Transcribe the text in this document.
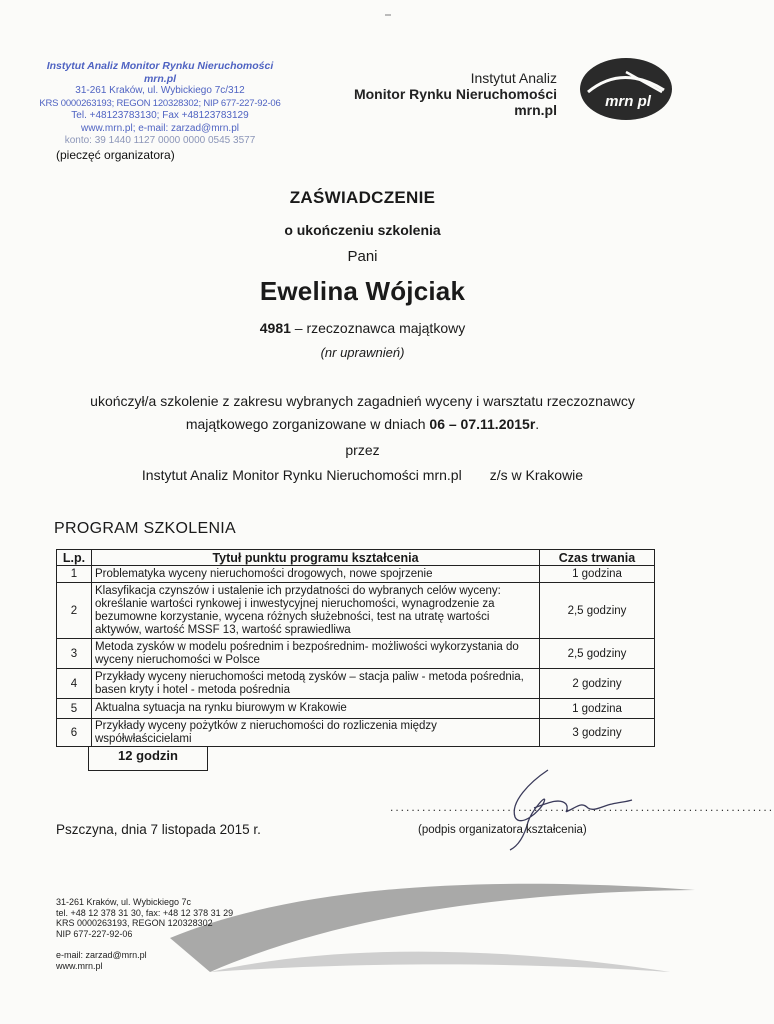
Instytut Analiz Monitor Rynku Nieruchomości mrn.pl
31-261 Kraków, ul. Wybickiego 7c/312
KRS 0000263193; REGON 120328302; NIP 677-227-92-06
Tel. +48123783130; Fax +48123783129
www.mrn.pl; e-mail: zarzad@mrn.pl
konto: 39 1440 1127 0000 0000 0545 3577
(pieczęć organizatora)
Instytut Analiz
Monitor Rynku Nieruchomości
mrn.pl	mrn pl
ZAŚWIADCZENIE
o ukończeniu szkolenia
Pani
Ewelina Wójciak
4981 – rzeczoznawca majątkowy
(nr uprawnień)
ukończył/a szkolenie z zakresu wybranych zagadnień wyceny i warsztatu rzeczoznawcy
majątkowego zorganizowane w dniach 06 – 07.11.2015r.
przez
Instytut Analiz Monitor Rynku Nieruchomości mrn.pl z/s w Krakowie
PROGRAM SZKOLENIA
L.p.	Tytuł punktu programu kształcenia	Czas trwania
1	Problematyka wyceny nieruchomości drogowych, nowe spojrzenie	1 godzina
2	Klasyfikacja czynszów i ustalenie ich przydatności do wybranych celów wyceny: określanie wartości rynkowej i inwestycyjnej nieruchomości, wynagrodzenie za bezumowne korzystanie, wycena różnych służebności, test na utratę wartości aktywów, wartość MSSF 13, wartość sprawiedliwa	2,5 godziny
3	Metoda zysków w modelu pośrednim i bezpośrednim- możliwości wykorzystania do wyceny nieruchomości w Polsce	2,5 godziny
4	Przykłady wyceny nieruchomości metodą zysków – stacja paliw - metoda pośrednia, basen kryty i hotel - metoda pośrednia	2 godziny
5	Aktualna sytuacja na rynku biurowym w Krakowie	1 godzina
6	Przykłady wyceny pożytków z nieruchomości do rozliczenia między współwłaścicielami	3 godziny
12 godzin
Pszczyna, dnia 7 listopada 2015 r.
........................................................................
(podpis organizatora kształcenia)
31-261 Kraków, ul. Wybickiego 7c
tel. +48 12 378 31 30, fax: +48 12 378 31 29
KRS 0000263193, REGON 120328302
NIP 677-227-92-06
e-mail: zarzad@mrn.pl
www.mrn.pl
